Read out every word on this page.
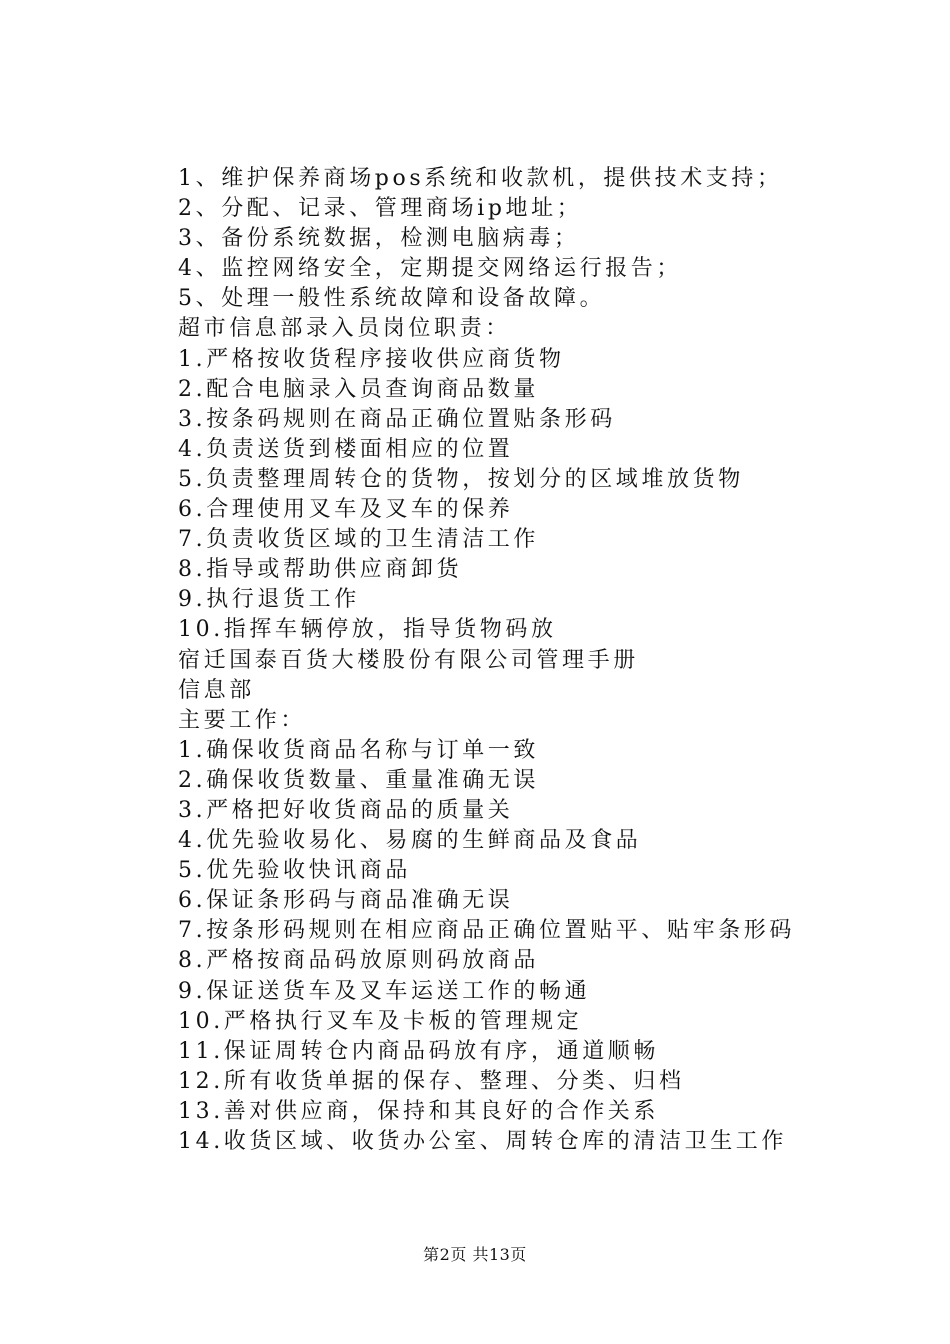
1、维护保养商场pos系统和收款机，提供技术支持；
2、分配、记录、管理商场ip地址；
3、备份系统数据，检测电脑病毒；
4、监控网络安全，定期提交网络运行报告；
5、处理一般性系统故障和设备故障。
超市信息部录入员岗位职责：
1.严格按收货程序接收供应商货物
2.配合电脑录入员查询商品数量
3.按条码规则在商品正确位置贴条形码
4.负责送货到楼面相应的位置
5.负责整理周转仓的货物，按划分的区域堆放货物
6.合理使用叉车及叉车的保养
7.负责收货区域的卫生清洁工作
8.指导或帮助供应商卸货
9.执行退货工作
10.指挥车辆停放，指导货物码放
宿迁国泰百货大楼股份有限公司管理手册
信息部
主要工作：
1.确保收货商品名称与订单一致
2.确保收货数量、重量准确无误
3.严格把好收货商品的质量关
4.优先验收易化、易腐的生鲜商品及食品
5.优先验收快讯商品
6.保证条形码与商品准确无误
7.按条形码规则在相应商品正确位置贴平、贴牢条形码
8.严格按商品码放原则码放商品
9.保证送货车及叉车运送工作的畅通
10.严格执行叉车及卡板的管理规定
11.保证周转仓内商品码放有序，通道顺畅
12.所有收货单据的保存、整理、分类、归档
13.善对供应商，保持和其良好的合作关系
14.收货区域、收货办公室、周转仓库的清洁卫生工作
第2页 共13页
